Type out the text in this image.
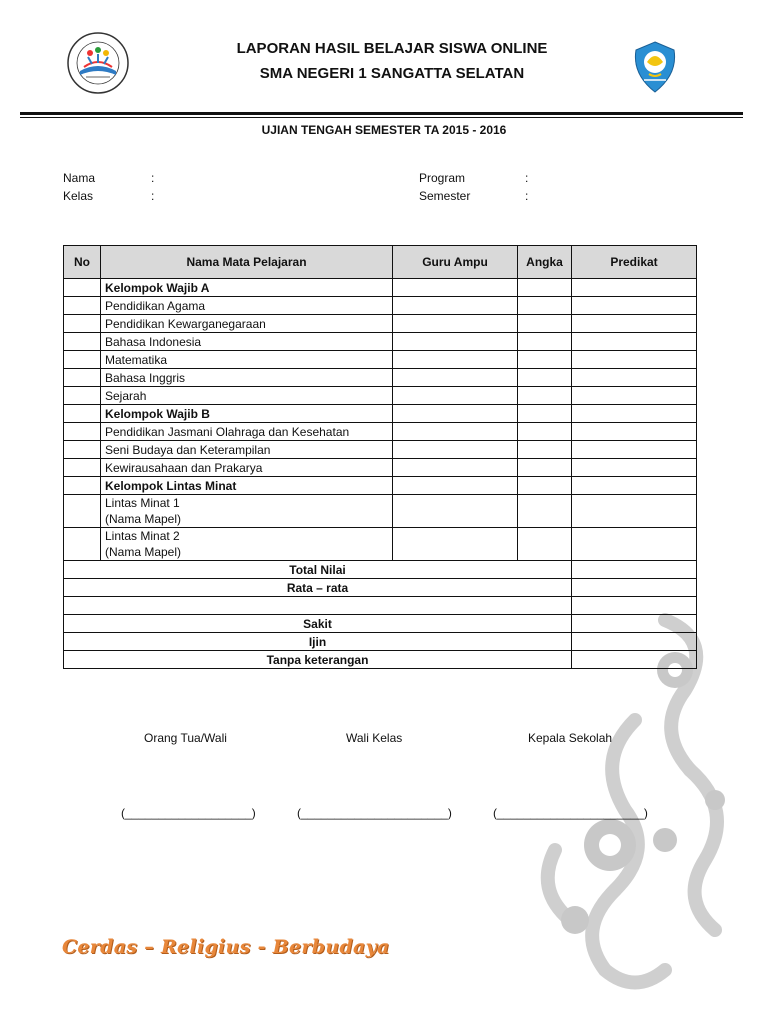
LAPORAN HASIL BELAJAR SISWA ONLINE
SMA NEGERI 1 SANGATTA SELATAN
UJIAN TENGAH SEMESTER TA 2015 - 2016
Nama	:
Kelas	:
Program	:
Semester	:
No	Nama Mata Pelajaran	Guru Ampu	Angka	Predikat
	Kelompok Wajib A			
	Pendidikan Agama			
	Pendidikan Kewarganegaraan			
	Bahasa Indonesia			
	Matematika			
	Bahasa Inggris			
	Sejarah			
	Kelompok Wajib B			
	Pendidikan Jasmani Olahraga dan Kesehatan			
	Seni Budaya dan Keterampilan			
	Kewirausahaan dan Prakarya			
	Kelompok Lintas Minat			

	Lintas Minat 1
(Nama Mapel)			

	Lintas Minat 2
(Nama Mapel)			

Total Nilai				
Rata – rata				

Sakit				
Ijin				
Tanpa keterangan				
Orang Tua/Wali	Wali Kelas	Kepala Sekolah
(___________________)	(______________________)	(______________________)
Cerdas – Religius - Berbudaya
